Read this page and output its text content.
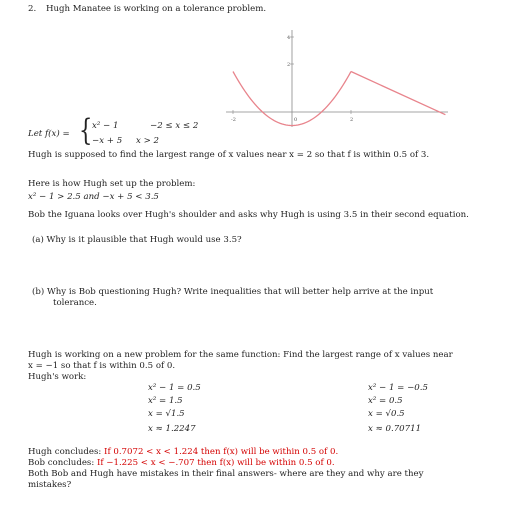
2. Hugh Manatee is working on a tolerance problem.
-2	0	2
4
2
Let f(x) = { x² − 1	−2 ≤ x ≤ 2
−x + 5 x > 2
Hugh is supposed to find the largest range of x values near x = 2 so that f is within 0.5 of 3.
Here is how Hugh set up the problem:
x² − 1 > 2.5 and −x + 5 < 3.5
Bob the Iguana looks over Hugh's shoulder and asks why Hugh is using 3.5 in their second equation.
(a) Why is it plausible that Hugh would use 3.5?
(b) Why is Bob questioning Hugh? Write inequalities that will better help arrive at the input
tolerance.
Hugh is working on a new problem for the same function: Find the largest range of x values near
x = −1 so that f is within 0.5 of 0.
Hugh's work:
x² − 1 = 0.5
x² = 1.5
x = √1.5
x ≈ 1.2247
x² − 1 = −0.5
x² = 0.5
x = √0.5
x ≈ 0.70711
Hugh concludes: If 0.7072 < x < 1.224 then f(x) will be within 0.5 of 0.
Bob concludes: If −1.225 < x < −.707 then f(x) will be within 0.5 of 0.
Both Bob and Hugh have mistakes in their final answers- where are they and why are they
mistakes?
